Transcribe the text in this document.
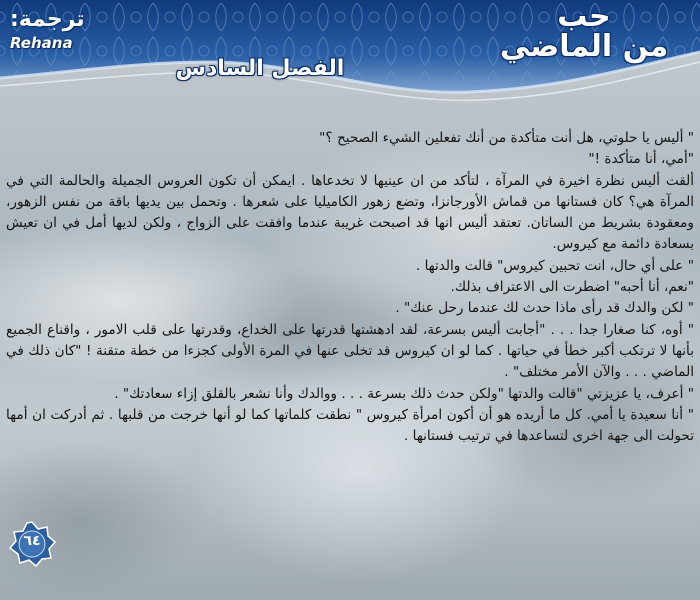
حب
من الماضي
الفصل السادس
ترجمة:
Rehana

" أليس يا حلوتي، هل أنت متأكدة من أنك تفعلين الشيء الصحيح ؟"

"أمي، أنا متأكدة !"

ألقت أليس نظرة اخيرة في المرآة ، لتأكد من ان عينيها لا تخدعاها . ايمكن أن تكون العروس الجميلة والحالمة التي في المرآة هي؟ كان فستانها من قماش الأورجانزا، وتضع زهور الكاميليا على شعرها . وتحمل بين يديها باقة من نفس الزهور، ومعقودة بشريط من الساتان. تعتقد أليس انها قد اصبحت غريبة عندما وافقت على الزواج ، ولكن لديها أمل في ان تعيش بسعادة دائمة مع كيروس.

" على أي حال، انت تحبين كيروس" قالت والدتها .

"نعم، أنا أحبه" اضطرت الى الاعتراف بذلك.

" لكن والدك قد رأى ماذا حدث لك عندما رحل عنك" .

" أوه، كنا صغارا جدا . . . "أجابت أليس بسرعة، لقد ادهشتها قدرتها على الخداع، وقدرتها على قلب الامور ، واقناع الجميع بأنها لا ترتكب أكبر خطأ في حياتها . كما لو ان كيروس قد تخلى عنها في المرة الأولى كجزءا من خطة متقنة ! "كان ذلك في الماضي . . . والآن الأمر مختلف" .

" أعرف، يا عزيزتي "قالت والدتها "ولكن حدث ذلك بسرعة . . . ووالدك وأنا نشعر بالقلق إزاء سعادتك" .

" أنا سعيدة يا أمي. كل ما أريده هو أن أكون امرأة كيروس " نطقت كلماتها كما لو أنها خرجت من قلبها . ثم أدركت ان أمها تحولت الى جهة اخرى لتساعدها في ترتيب فستانها .

٦٤
